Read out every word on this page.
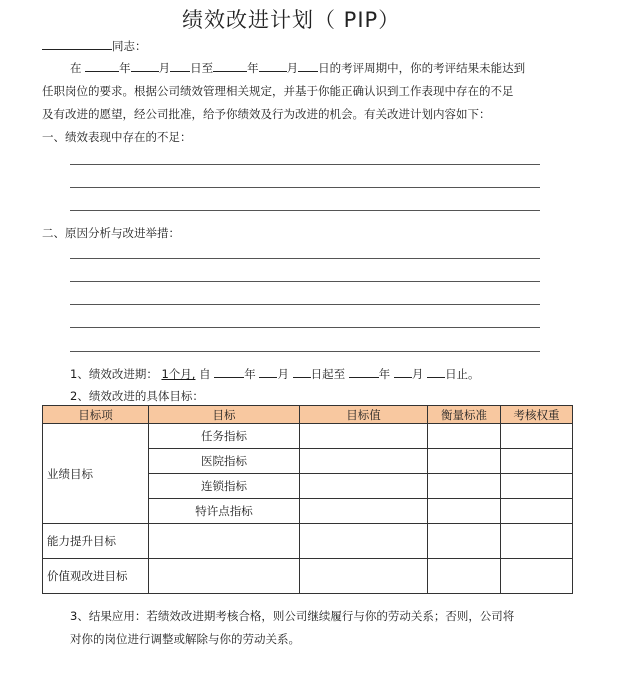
绩效改进计划（ PIP）
同志：
在	年 月 日至	年 月 日的考评周期中，你的考评结果未能达到
任职岗位的要求。根据公司绩效管理相关规定，并基于你能正确认识到工作表现中存在的不足
及有改进的愿望，经公司批准，给予你绩效及行为改进的机会。有关改进计划内容如下：
一、绩效表现中存在的不足：
二、原因分析与改进举措：
1、绩效改进期： 1个月, 自	年 月 日起至	年 月 日止。
2、绩效改进的具体目标：
目标项	目标	目标值	衡量标准	考核权重
业绩目标	任务指标			
	医院指标			
	连锁指标			
	特许点指标			
能力提升目标				
价值观改进目标				
3、结果应用：若绩效改进期考核合格，则公司继续履行与你的劳动关系；否则，公司将
对你的岗位进行调整或解除与你的劳动关系。
